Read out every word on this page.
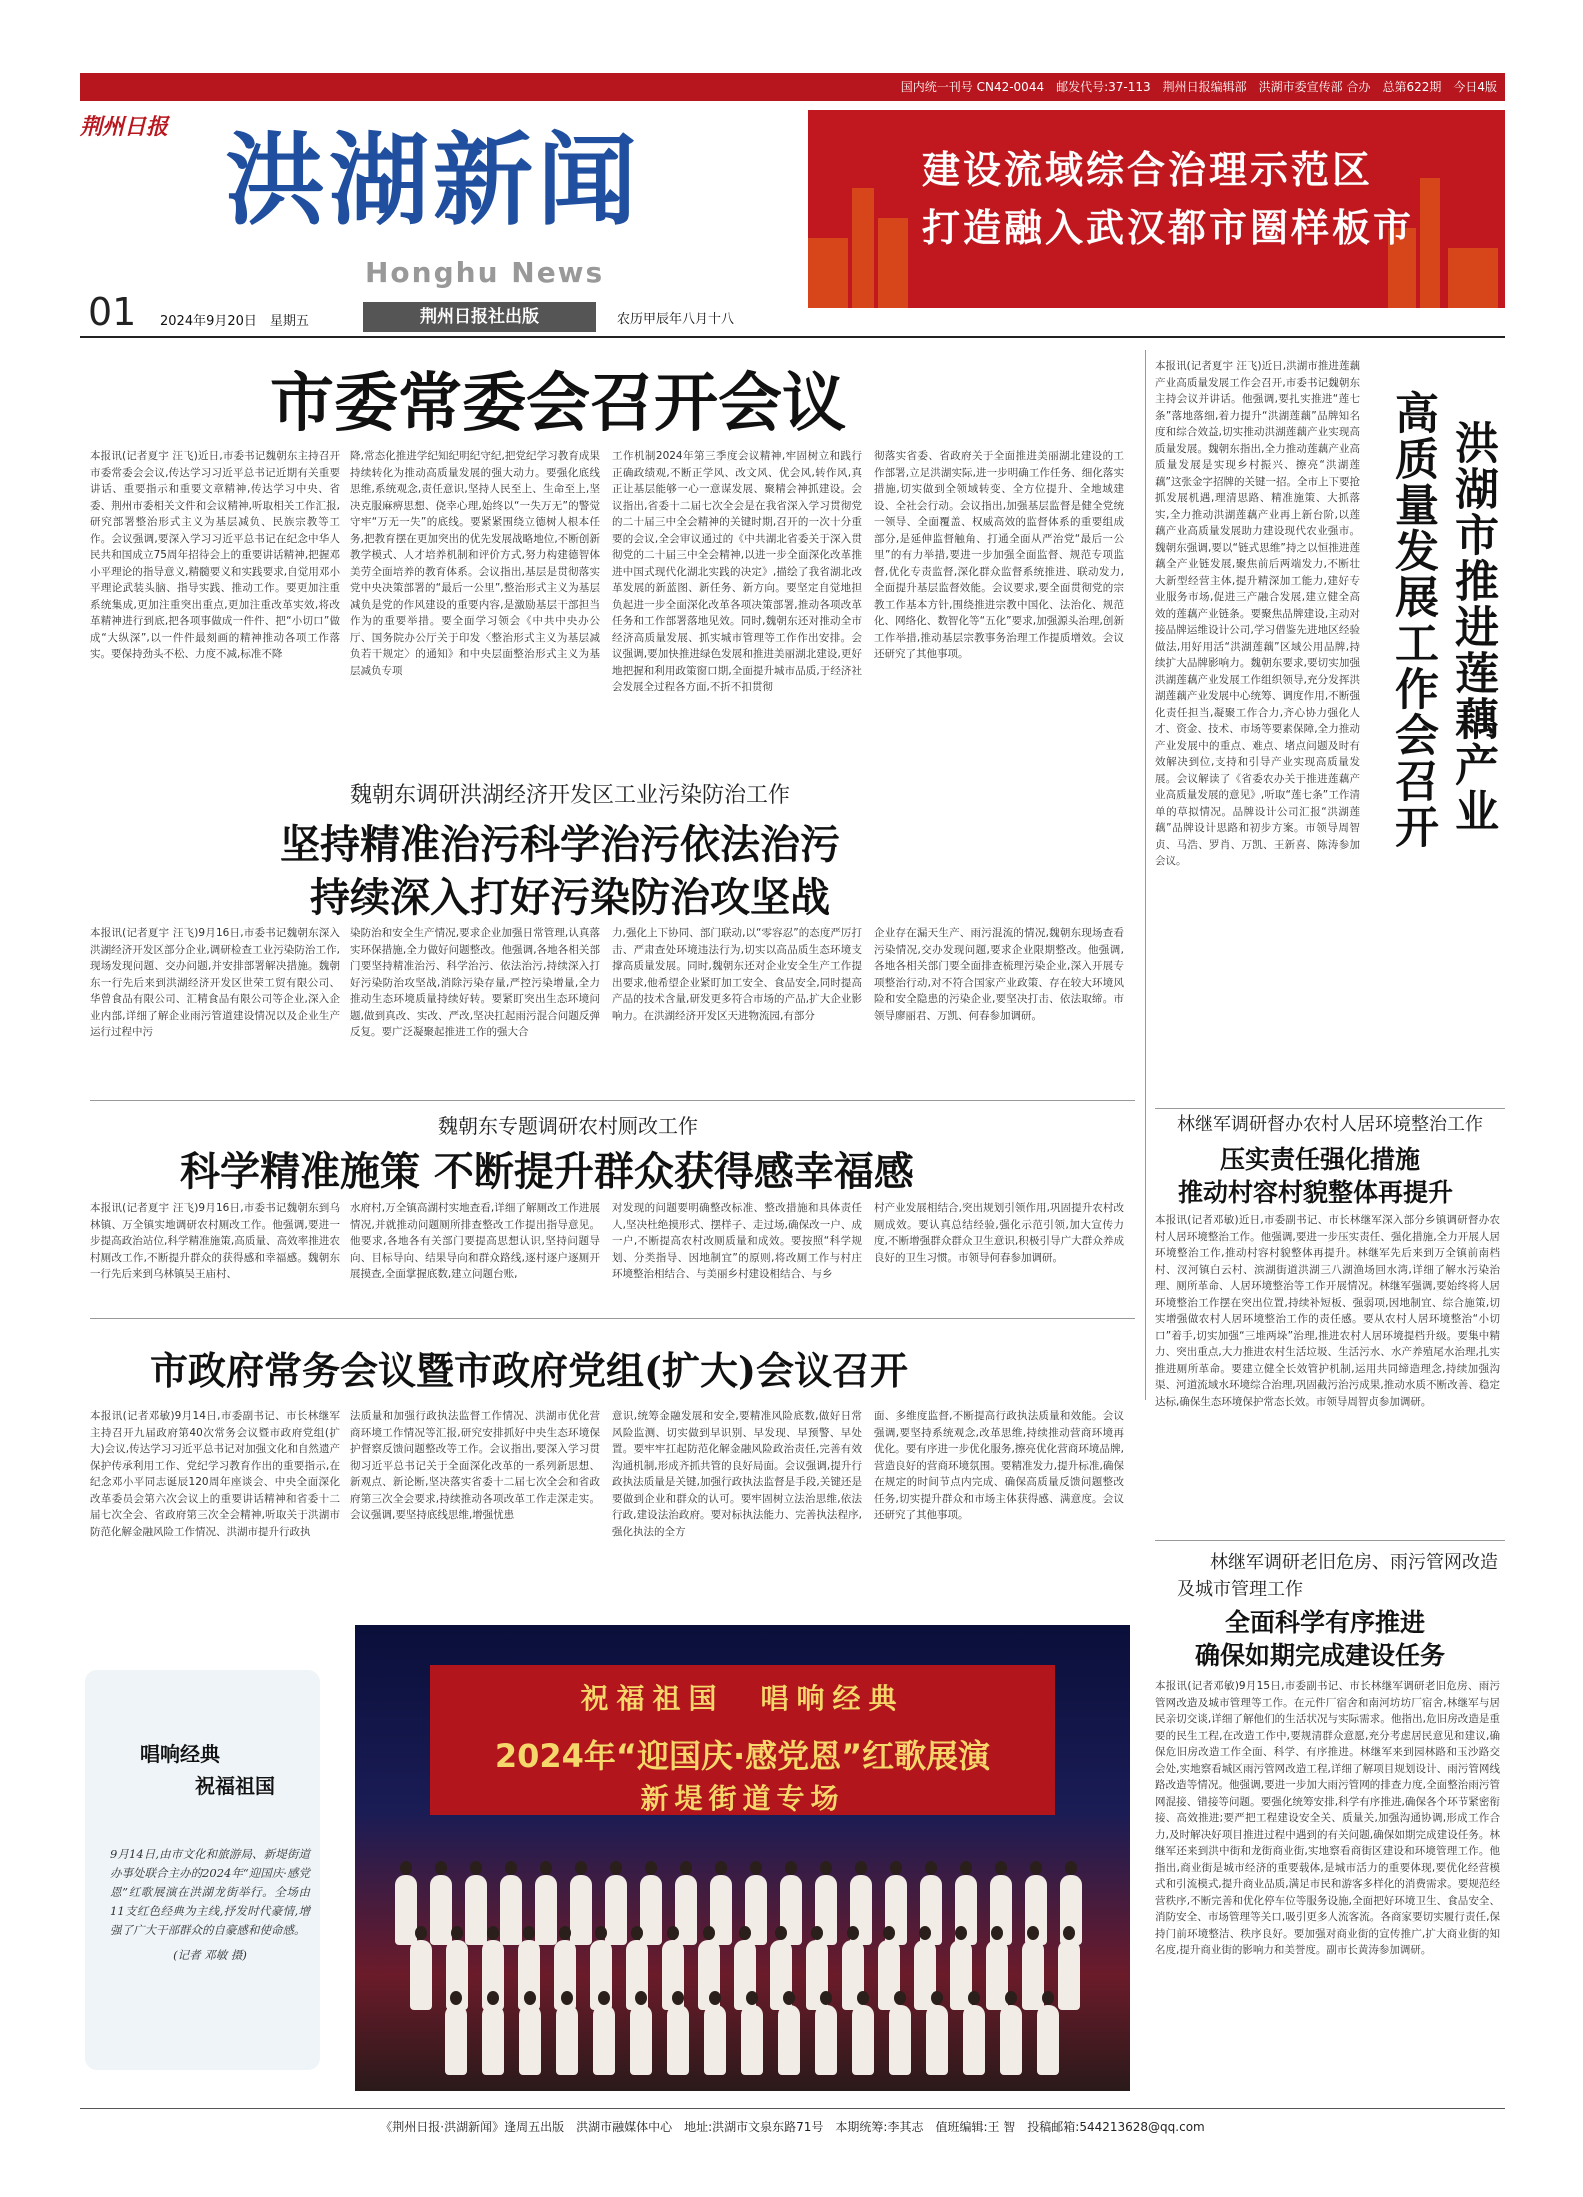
国内统一刊号 CN42-0044　邮发代号:37-113　荆州日报编辑部　洪湖市委宣传部 合办　总第622期　今日4版
荆州日报 洪湖新闻
Honghu News
建设流域综合治理示范区
打造融入武汉都市圈样板市
01 2024年9月20日　星期五	荆州日报社出版	农历甲辰年八月十八
市委常委会召开会议
本报讯(记者夏宇 汪飞)近日,市委书记魏朝东主持召开市委常委会会议,传达学习习近平总书记近期有关重要讲话、重要指示和重要文章精神,传达学习中央、省委、荆州市委相关文件和会议精神,听取相关工作汇报,研究部署整治形式主义为基层减负、民族宗教等工作。会议强调,要深入学习习近平总书记在纪念中华人民共和国成立75周年招待会上的重要讲话精神,把握邓小平理论的指导意义,精髓要义和实践要求,自觉用邓小平理论武装头脑、指导实践、推动工作。要更加注重系统集成,更加注重突出重点,更加注重改革实效,将改革精神进行到底,把各项事做成一件件、把“小切口”做成“大纵深”,以一件件最刻画的精神推动各项工作落实。要保持劲头不松、力度不减,标准不降
降,常态化推进学纪知纪明纪守纪,把党纪学习教育成果持续转化为推动高质量发展的强大动力。要强化底线思维,系统观念,责任意识,坚持人民至上、生命至上,坚决克服麻痹思想、侥幸心理,始终以“一失万无”的警觉守牢“万无一失”的底线。要紧紧围绕立德树人根本任务,把教育摆在更加突出的优先发展战略地位,不断创新教学模式、人才培养机制和评价方式,努力构建德智体美劳全面培养的教育体系。会议指出,基层是贯彻落实党中央决策部署的“最后一公里”,整治形式主义为基层减负是党的作风建设的重要内容,是激励基层干部担当作为的重要举措。要全面学习领会《中共中央办公厅、国务院办公厅关于印发〈整治形式主义为基层减负若干规定〉的通知》和中央层面整治形式主义为基层减负专项
工作机制2024年第三季度会议精神,牢固树立和践行正确政绩观,不断正学风、改文风、优会风,转作风,真正让基层能够一心一意谋发展、聚精会神抓建设。会议指出,省委十二届七次全会是在我省深入学习贯彻党的二十届三中全会精神的关键时期,召开的一次十分重要的会议,全会审议通过的《中共湖北省委关于深入贯彻党的二十届三中全会精神,以进一步全面深化改革推进中国式现代化湖北实践的决定》,描绘了我省湖北改革发展的新蓝图、新任务、新方向。要坚定自觉地担负起进一步全面深化改革各项决策部署,推动各项改革任务和工作部署落地见效。同时,魏朝东还对推动全市经济高质量发展、抓实城市管理等工作作出安排。会议强调,要加快推进绿色发展和推进美丽湖北建设,更好地把握和利用政策窗口期,全面提升城市品质,于经济社会发展全过程各方面,不折不扣贯彻
彻落实省委、省政府关于全面推进美丽湖北建设的工作部署,立足洪湖实际,进一步明确工作任务、细化落实措施,切实做到全领域转变、全方位提升、全地域建设、全社会行动。会议指出,加强基层监督是健全党统一领导、全面覆盖、权威高效的监督体系的重要组成部分,是延伸监督触角、打通全面从严治党“最后一公里”的有力举措,要进一步加强全面监督、规范专项监督,优化专责监督,深化群众监督系统推进、联动发力,全面提升基层监督效能。会议要求,要全面贯彻党的宗教工作基本方针,围绕推进宗教中国化、法治化、规范化、网络化、数智化等“五化”要求,加强源头治理,创新工作举措,推动基层宗教事务治理工作提质增效。会议还研究了其他事项。	洪湖市推进莲藕产业
高质量发展工作会召开
本报讯(记者夏宇 汪飞)近日,洪湖市推进莲藕产业高质量发展工作会召开,市委书记魏朝东主持会议并讲话。他强调,要扎实推进“莲七条”落地落细,着力提升“洪湖莲藕”品牌知名度和综合效益,切实推动洪湖莲藕产业实现高质量发展。魏朝东指出,全力推动莲藕产业高质量发展是实现乡村振兴、擦亮“洪湖莲藕”这张金字招牌的关键一招。全市上下要抢抓发展机遇,理清思路、精准施策、大抓落实,全力推动洪湖莲藕产业再上新台阶,以莲藕产业高质量发展助力建设现代农业强市。魏朝东强调,要以“链式思维”持之以恒推进莲藕全产业链发展,聚焦前后两端发力,不断壮大新型经营主体,提升精深加工能力,建好专业服务市场,促进三产融合发展,建立健全高效的莲藕产业链条。要聚焦品牌建设,主动对接品牌运维设计公司,学习借鉴先进地区经验做法,用好用活“洪湖莲藕”区域公用品牌,持续扩大品牌影响力。魏朝东要求,要切实加强洪湖莲藕产业发展工作组织领导,充分发挥洪湖莲藕产业发展中心统筹、调度作用,不断强化责任担当,凝聚工作合力,齐心协力强化人才、资金、技术、市场等要素保障,全力推动产业发展中的重点、难点、堵点问题及时有效解决到位,支持和引导产业实现高质量发展。会议解读了《省委农办关于推进莲藕产业高质量发展的意见》,听取“莲七条”工作清单的草拟情况。品牌设计公司汇报“洪湖莲藕”品牌设计思路和初步方案。市领导周智贞、马浩、罗肖、万凯、王新喜、陈涛参加会议。
魏朝东调研洪湖经济开发区工业污染防治工作
坚持精准治污科学治污依法治污
持续深入打好污染防治攻坚战
本报讯(记者夏宇 汪飞)9月16日,市委书记魏朝东深入洪湖经济开发区部分企业,调研检查工业污染防治工作,现场发现问题、交办问题,并安排部署解决措施。魏朝东一行先后来到洪湖经济开发区世荣工贸有限公司、华曾食品有限公司、汇精食品有限公司等企业,深入企业内部,详细了解企业雨污管道建设情况以及企业生产运行过程中污
染防治和安全生产情况,要求企业加强日常管理,认真落实环保措施,全力做好问题整改。他强调,各地各相关部门要坚持精准治污、科学治污、依法治污,持续深入打好污染防治攻坚战,消除污染存量,严控污染增量,全力推动生态环境质量持续好转。要紧盯突出生态环境问题,做到真改、实改、严改,坚决扛起雨污混合问题反弹反复。要广泛凝聚起推进工作的强大合
力,强化上下协同、部门联动,以“零容忍”的态度严厉打击、严肃查处环境违法行为,切实以高品质生态环境支撑高质量发展。同时,魏朝东还对企业安全生产工作提出要求,他希望企业紧盯加工安全、食品安全,同时提高产品的技术含量,研发更多符合市场的产品,扩大企业影响力。在洪湖经济开发区天进物流园,有部分
企业存在漏天生产、雨污混流的情况,魏朝东现场查看污染情况,交办发现问题,要求企业限期整改。他强调,各地各相关部门要全面排查梳理污染企业,深入开展专项整治行动,对不符合国家产业政策、存在较大环境风险和安全隐患的污染企业,要坚决打击、依法取缔。市领导廖丽君、万凯、何春参加调研。
魏朝东专题调研农村厕改工作
科学精准施策 不断提升群众获得感幸福感
本报讯(记者夏宇 汪飞)9月16日,市委书记魏朝东到乌林镇、万全镇实地调研农村厕改工作。他强调,要进一步提高政治站位,科学精准施策,高质量、高效率推进农村厕改工作,不断提升群众的获得感和幸福感。魏朝东一行先后来到乌林镇吴王庙村、
水府村,万全镇高湖村实地查看,详细了解厕改工作进展情况,并就推动问题厕所排查整改工作提出指导意见。他要求,各地各有关部门要提高思想认识,坚持问题导向、目标导向、结果导向和群众路线,逐村逐户逐厕开展摸查,全面掌握底数,建立问题台账,
对发现的问题要明确整改标准、整改措施和具体责任人,坚决杜绝摸形式、摆样子、走过场,确保改一户、成一户,不断提高农村改厕质量和成效。要按照“科学规划、分类指导、因地制宜”的原则,将改厕工作与村庄环境整治相结合、与美丽乡村建设相结合、与乡
村产业发展相结合,突出规划引领作用,巩固提升农村改厕成效。要认真总结经验,强化示范引领,加大宣传力度,不断增强群众群众卫生意识,积极引导广大群众养成良好的卫生习惯。市领导何春参加调研。
市政府常务会议暨市政府党组(扩大)会议召开
本报讯(记者邓敏)9月14日,市委副书记、市长林继军主持召开九届政府第40次常务会议暨市政府党组(扩大)会议,传达学习习近平总书记对加强文化和自然遗产保护传承利用工作、党纪学习教育作出的重要指示,在纪念邓小平同志诞辰120周年座谈会、中央全面深化改革委员会第六次会议上的重要讲话精神和省委十二届七次全会、省政府第三次全会精神,听取关于洪湖市防范化解金融风险工作情况、洪湖市提升行政执
法质量和加强行政执法监督工作情况、洪湖市优化营商环境工作情况等汇报,研究安排抓好中央生态环境保护督察反馈问题整改等工作。会议指出,要深入学习贯彻习近平总书记关于全面深化改革的一系列新思想、新观点、新论断,坚决落实省委十二届七次全会和省政府第三次全会要求,持续推动各项改革工作走深走实。会议强调,要坚持底线思维,增强忧患
意识,统筹金融发展和安全,要精准风险底数,做好日常风险监测、切实做到早识别、早发现、早预警、早处置。要牢牢扛起防范化解金融风险政治责任,完善有效沟通机制,形成齐抓共管的良好局面。会议强调,提升行政执法质量是关键,加强行政执法监督是手段,关键还是要做到企业和群众的认可。要牢固树立法治思维,依法行政,建设法治政府。要对标执法能力、完善执法程序,强化执法的全方
面、多维度监督,不断提高行政执法质量和效能。会议强调,要坚持系统观念,改革思维,持续推动营商环境再优化。要有序进一步优化服务,擦亮优化营商环境品牌,营造良好的营商环境氛围。要精准发力,提升标准,确保在规定的时间节点内完成、确保高质量反馈问题整改任务,切实提升群众和市场主体获得感、满意度。会议还研究了其他事项。
林继军调研督办农村人居环境整治工作
压实责任强化措施
推动村容村貌整体再提升
本报讯(记者邓敏)近日,市委副书记、市长林继军深入部分乡镇调研督办农村人居环境整治工作。他强调,要进一步压实责任、强化措施,全力开展人居环境整治工作,推动村容村貌整体再提升。林继军先后来到万全镇前南档村、汊河镇白云村、滨湖街道洪湖三八湖渔场回水湾,详细了解水污染治理、厕所革命、人居环境整治等工作开展情况。林继军强调,要始终将人居环境整治工作摆在突出位置,持续补短板、强弱项,因地制宜、综合施策,切实增强做农村人居环境整治工作的责任感。要从农村人居环境整治“小切口”着手,切实加强“三堆两垛”治理,推进农村人居环境提档升级。要集中精力、突出重点,大力推进农村生活垃圾、生活污水、水产养殖尾水治理,扎实推进厕所革命。要建立健全长效管护机制,运用共同缔造理念,持续加强沟渠、河道流域水环境综合治理,巩固截污治污成果,推动水质不断改善、稳定达标,确保生态环境保护常态长效。市领导周智贞参加调研。
林继军调研老旧危房、雨污管网改造
及城市管理工作
全面科学有序推进
确保如期完成建设任务
本报讯(记者邓敏)9月15日,市委副书记、市长林继军调研老旧危房、雨污管网改造及城市管理等工作。在元件厂宿舍和南河坊坊厂宿舍,林继军与居民亲切交谈,详细了解他们的生活状况与实际需求。他指出,危旧房改造是重要的民生工程,在改造工作中,要规清群众意愿,充分考虑居民意见和建议,确保危旧房改造工作全面、科学、有序推进。林继军来到园林路和玉沙路交会处,实地察看城区雨污管网改造工程,详细了解项目规划设计、雨污管网线路改造等情况。他强调,要进一步加大雨污管网的排查力度,全面整治雨污管网混接、错接等问题。要强化统筹安排,科学有序推进,确保各个环节紧密衔接、高效推进;要严把工程建设安全关、质量关,加强沟通协调,形成工作合力,及时解决好项目推进过程中遇到的有关问题,确保如期完成建设任务。林继军还来到洪中街和龙街商业街,实地察看商街区建设和环境管理工作。他指出,商业街是城市经济的重要载体,是城市活力的重要体现,要优化经营模式和引流模式,提升商业品质,满足市民和游客多样化的消费需求。要规范经营秩序,不断完善和优化停车位等服务设施,全面把好环境卫生、食品安全、消防安全、市场管理等关口,吸引更多人流客流。各商家要切实履行责任,保持门前环境整洁、秩序良好。要加强对商业街的宣传推广,扩大商业街的知名度,提升商业街的影响力和美誉度。副市长黄涛参加调研。
唱响经典
祝福祖国
9月14日,由市文化和旅游局、新堤街道办事处联合主办的2024年“迎国庆·感党恩”红歌展演在洪湖龙街举行。全场由11支红色经典为主线,抒发时代豪情,增强了广大干部群众的自豪感和使命感。
(记者 邓敏 摄)
祝福祖国　唱响经典
2024年“迎国庆·感党恩”红歌展演
新堤街道专场
《荆州日报·洪湖新闻》逢周五出版　洪湖市融媒体中心　地址:洪湖市文泉东路71号　本期统筹:李其志　值班编辑:王 智　投稿邮箱:544213628@qq.com
